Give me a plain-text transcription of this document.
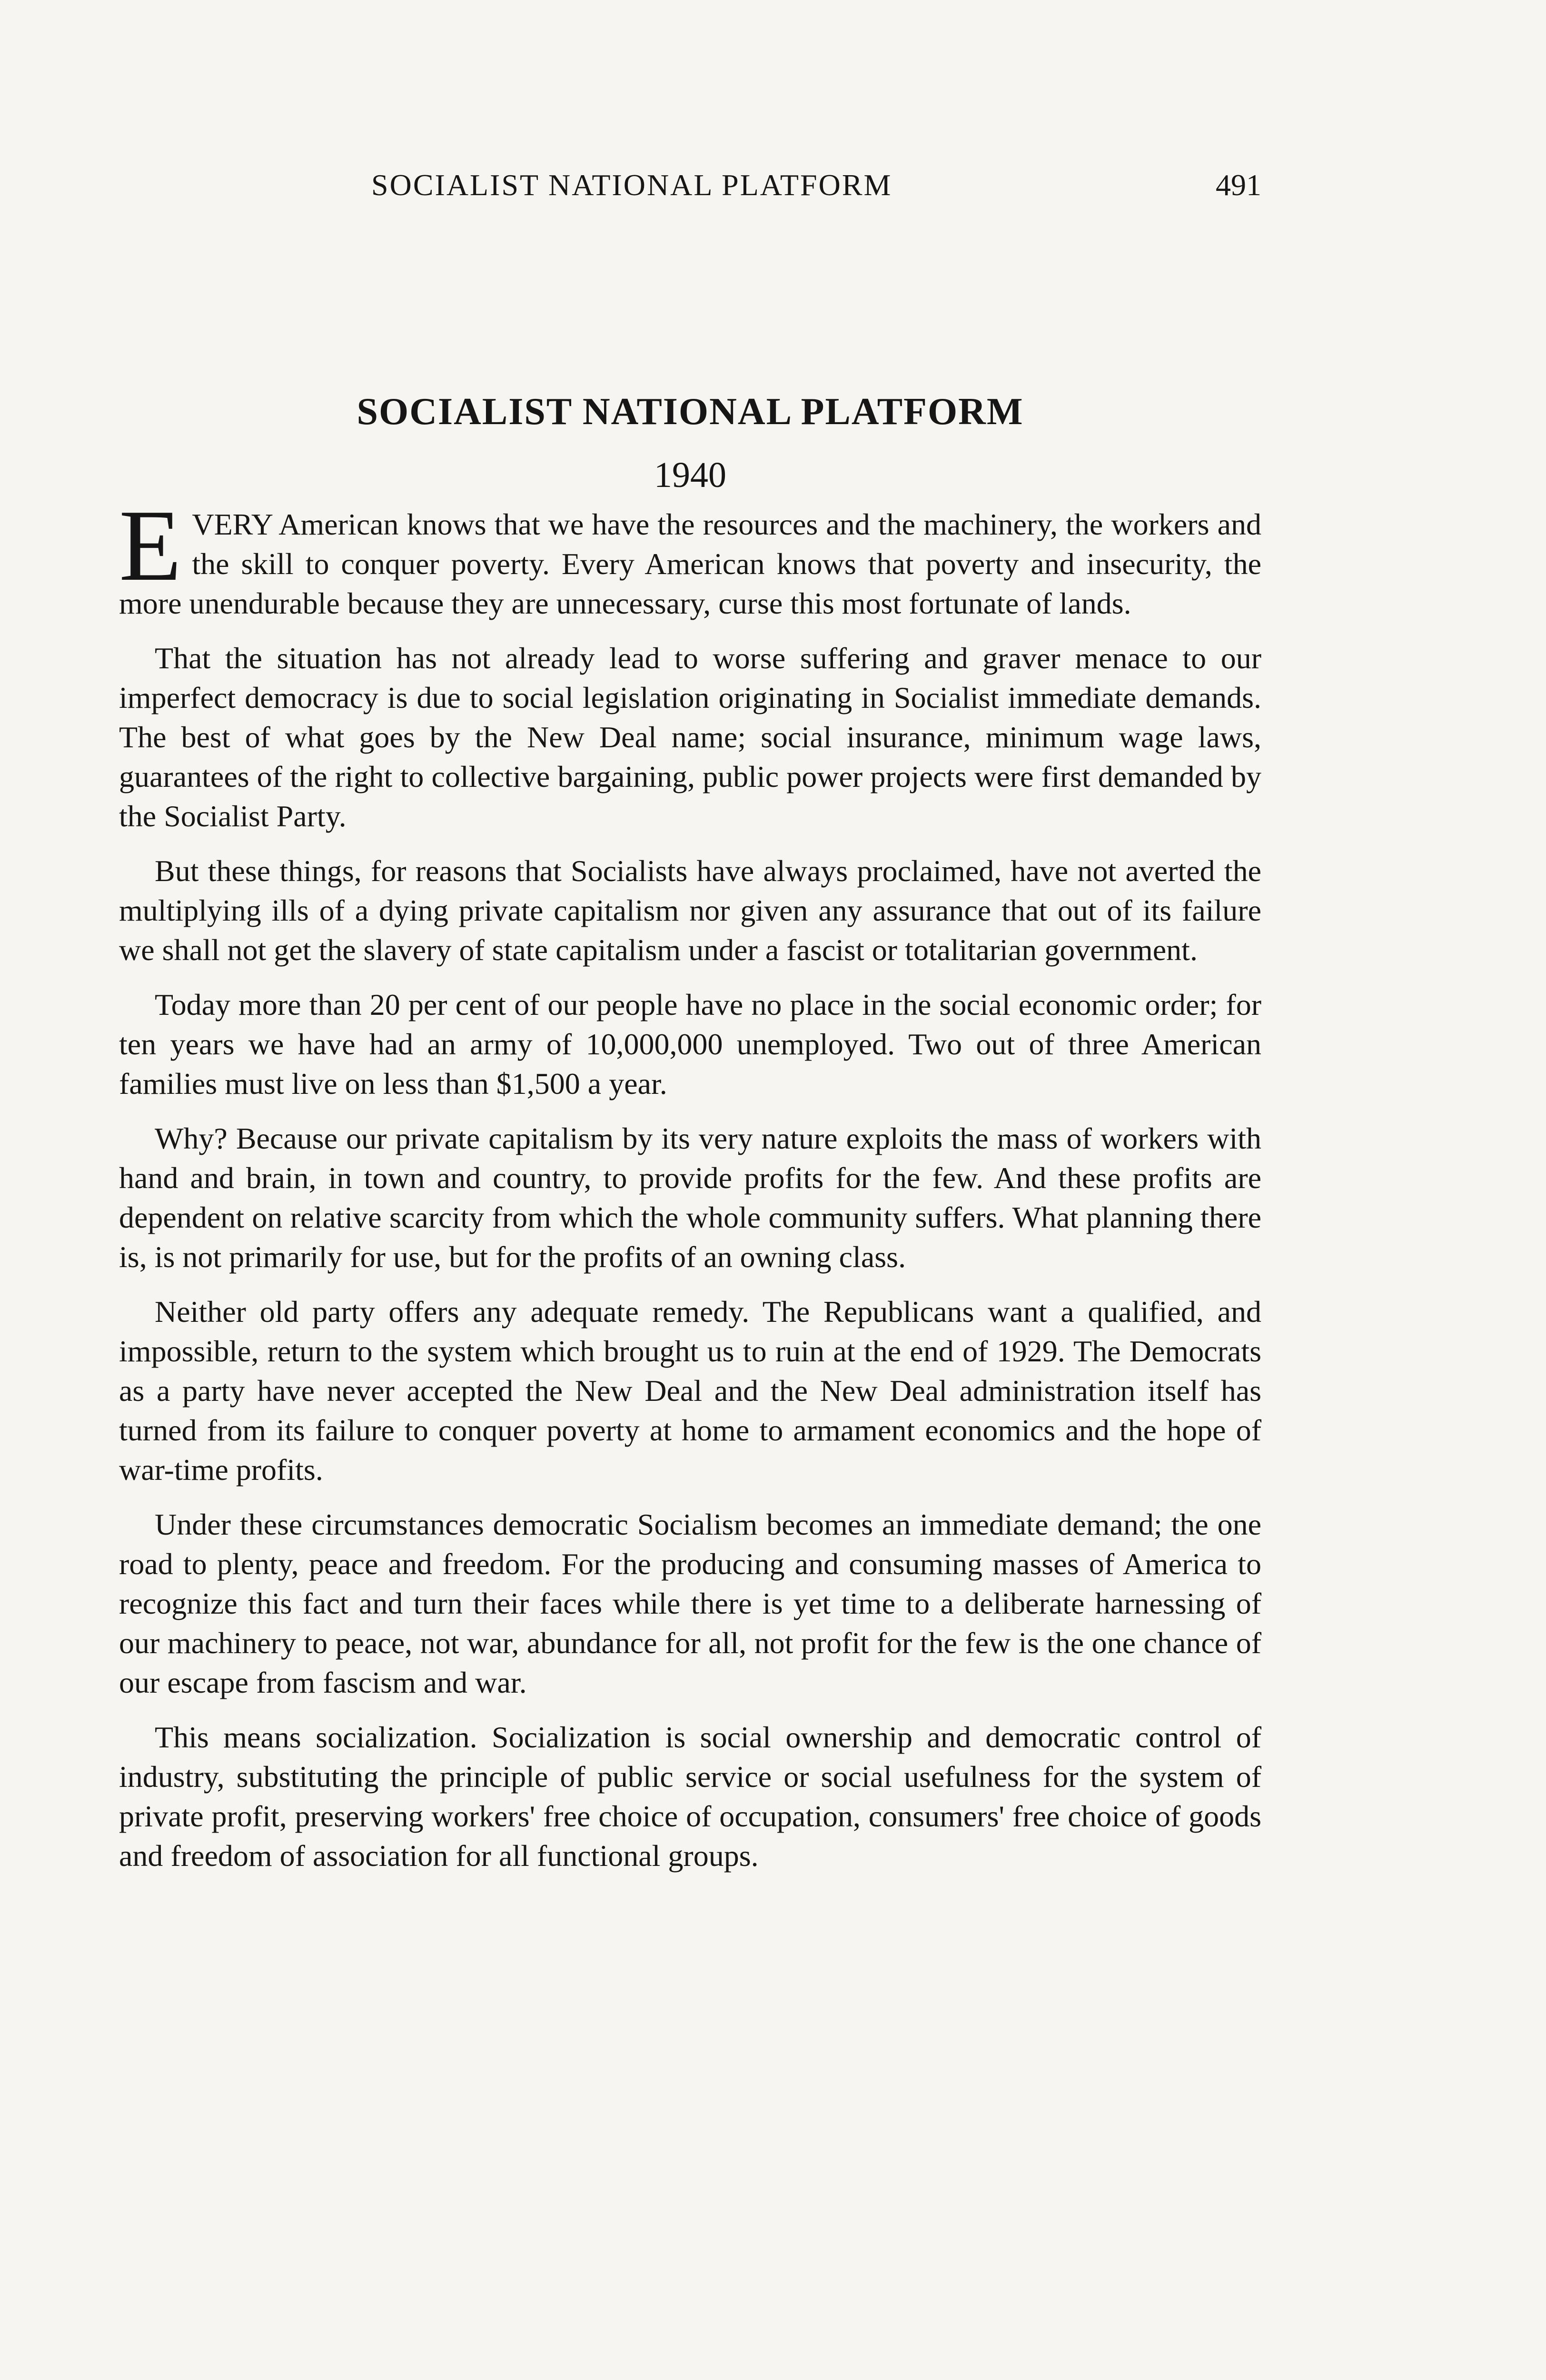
SOCIALIST NATIONAL PLATFORM	491
SOCIALIST NATIONAL PLATFORM
1940

E VERY American knows that we have the resources and the machinery, the workers and the skill to conquer poverty. Every American knows that poverty and insecurity, the more unendurable because they are unnecessary, curse this most fortunate of lands.

That the situation has not already lead to worse suffering and graver menace to our imperfect democracy is due to social legislation originating in Socialist immediate demands. The best of what goes by the New Deal name; social insurance, minimum wage laws, guarantees of the right to collective bargaining, public power projects were first demanded by the Socialist Party.

But these things, for reasons that Socialists have always proclaimed, have not averted the multiplying ills of a dying private capitalism nor given any assurance that out of its failure we shall not get the slavery of state capitalism under a fascist or totalitarian government.

Today more than 20 per cent of our people have no place in the social economic order; for ten years we have had an army of 10,000,000 unemployed. Two out of three American families must live on less than $1,500 a year.

Why? Because our private capitalism by its very nature exploits the mass of workers with hand and brain, in town and country, to provide profits for the few. And these profits are dependent on relative scarcity from which the whole community suffers. What planning there is, is not primarily for use, but for the profits of an owning class.

Neither old party offers any adequate remedy. The Republicans want a qualified, and impossible, return to the system which brought us to ruin at the end of 1929. The Democrats as a party have never accepted the New Deal and the New Deal administration itself has turned from its failure to conquer poverty at home to armament economics and the hope of war-time profits.

Under these circumstances democratic Socialism becomes an immediate demand; the one road to plenty, peace and freedom. For the producing and consuming masses of America to recognize this fact and turn their faces while there is yet time to a deliberate harnessing of our machinery to peace, not war, abundance for all, not profit for the few is the one chance of our escape from fascism and war.

This means socialization. Socialization is social ownership and democratic control of industry, substituting the principle of public service or social usefulness for the system of private profit, preserving workers' free choice of occupation, consumers' free choice of goods and freedom of association for all functional groups.
